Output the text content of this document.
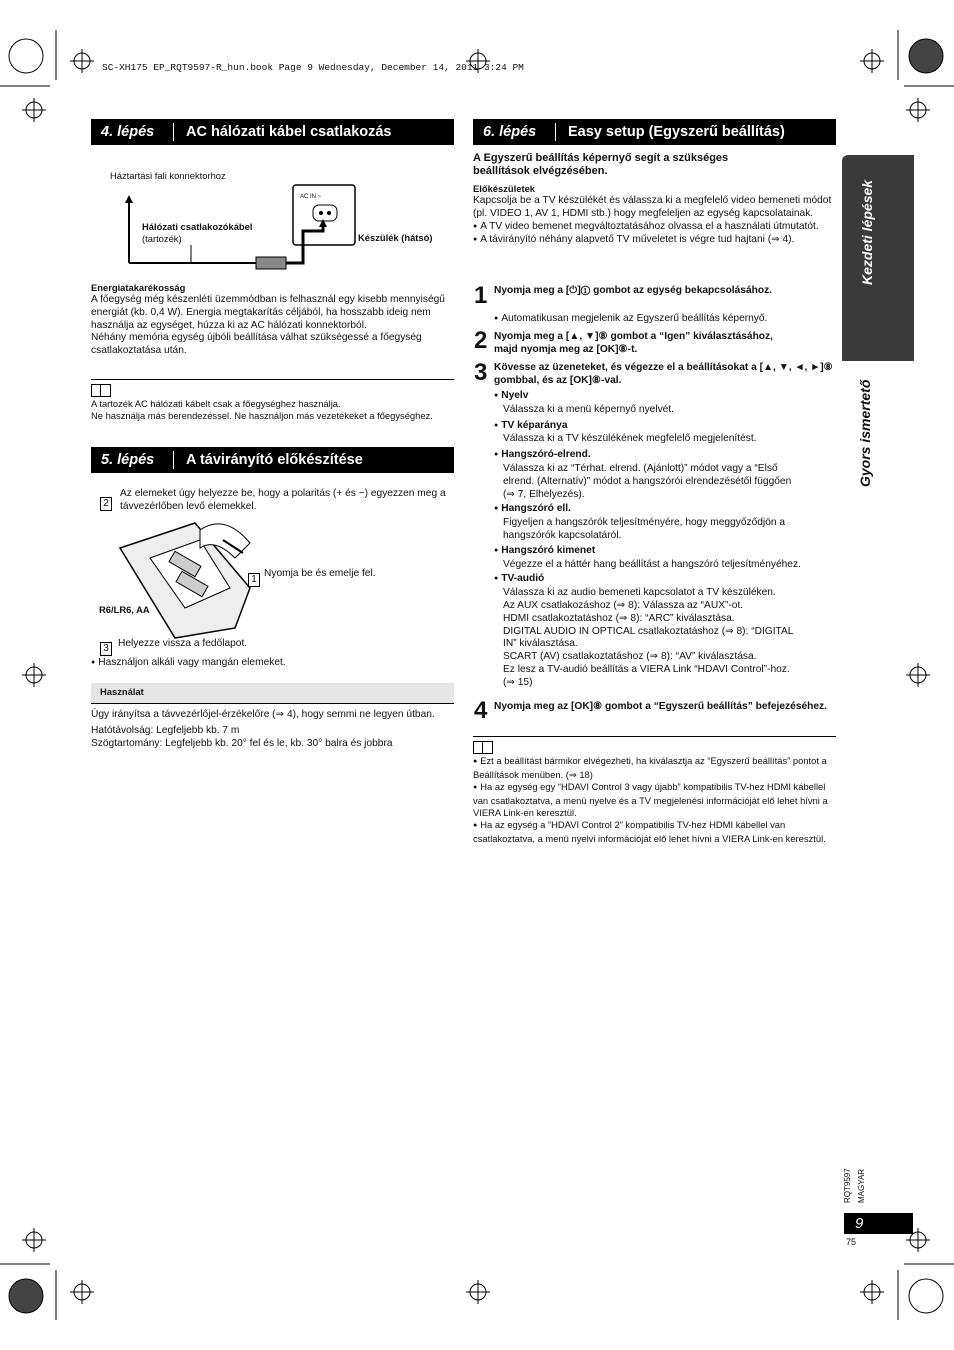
SC-XH175 EP_RQT9597-R_hun.book Page 9 Wednesday, December 14, 2011 3:24 PM
4. lépés	AC hálózati kábel csatlakozás
Háztartási fali konnektorhoz
AC IN ~
Hálózati csatlakozókábel
(tartozék)	Készülék (hátsó)
Energiatakarékosság
A főegység még készenléti üzemmódban is felhasznál egy kisebb mennyiségű energiát (kb. 0,4 W). Energia megtakarítás céljából, ha hosszabb ideig nem használja az egységet, húzza ki az AC hálózati konnektorból.
Néhány memória egység újbóli beállítása válhat szükségessé a főegység csatlakoztatása után.
A tartozék AC hálózati kábelt csak a főegységhez használja.
Ne használja más berendezéssel. Ne használjon más vezetékeket a főegységhez.
5. lépés	A távirányító előkészítése
2
Az elemeket úgy helyezze be, hogy a polaritás (+ és −) egyezzen meg a távvezérlőben levő elemekkel.
1
Nyomja be és emelje fel.
R6/LR6, AA
3 Helyezze vissza a fedőlapot.
● Használjon alkáli vagy mangán elemeket.
Használat
Úgy irányítsa a távvezérlőjel-érzékelőre (⇒ 4), hogy semmi ne legyen útban.
Hatótávolság: Legfeljebb kb. 7 m
Szögtartomány: Legfeljebb kb. 20° fel és le, kb. 30° balra és jobbra
6. lépés	Easy setup (Egyszerű beállítás)
A Egyszerű beállítás képernyő segít a szükséges beállítások elvégzésében.
Előkészületek
Kapcsolja be a TV készülékét és válassza ki a megfelelő video bemeneti módot (pl. VIDEO 1, AV 1, HDMI stb.) hogy megfeleljen az egység kapcsolatainak.
● A TV video bemenet megváltoztatásához olvassa el a használati útmutatót.
● A távirányító néhány alapvető TV műveletet is végre tud hajtani (⇒ 4).
1 Nyomja meg a [⏻]① gombot az egység bekapcsolásához.
● Automatikusan megjelenik az Egyszerű beállítás képernyő.
2 Nyomja meg a [▲, ▼]⑧ gombot a “Igen” kiválasztásához, majd nyomja meg az [OK]⑧-t.
3 Kövesse az üzeneteket, és végezze el a beállításokat a [▲, ▼, ◄, ►]⑧ gombbal, és az [OK]⑧-val.
● Nyelv
Válassza ki a menü képernyő nyelvét.
● TV képaránya
Válassza ki a TV készülékének megfelelő megjelenítést.
● Hangszóró-elrend.
Válassza ki az “Térhat. elrend. (Ajánlott)” módot vagy a “Első
elrend. (Alternatív)” módot a hangszórói elrendezésétől függően
(⇒ 7, Elhelyezés).
● Hangszóró ell.
Figyeljen a hangszórók teljesítményére, hogy meggyőződjön a
hangszórók kapcsolatáról.
● Hangszóró kimenet
Végezze el a háttér hang beállítást a hangszóró teljesítményéhez.
● TV-audió
Válassza ki az audio bemeneti kapcsolatot a TV készüléken.
Az AUX csatlakozáshoz (⇒ 8): Válassza az “AUX”-ot.
HDMI csatlakoztatáshoz (⇒ 8): “ARC” kiválasztása.
DIGITAL AUDIO IN OPTICAL csatlakoztatáshoz (⇒ 8): “DIGITAL
IN” kiválasztása.
SCART (AV) csatlakoztatáshoz (⇒ 8): “AV” kiválasztása.
Ez lesz a TV-audió beállítás a VIERA Link “HDAVI Control”-hoz.
(⇒ 15)
4 Nyomja meg az [OK]⑧ gombot a “Egyszerű beállítás” befejezéséhez.
● Ezt a beállítást bármikor elvégezheti, ha kiválasztja az “Egyszerű beállítás” pontot a Beállítások menüben. (⇒ 18)
● Ha az egység egy “HDAVI Control 3 vagy újabb” kompatibilis TV-hez HDMI kábellel van csatlakoztatva, a menü nyelve és a TV megjelenési információját elő lehet hívni a VIERA Link-en keresztül.
● Ha az egység a “HDAVI Control 2” kompatibilis TV-hez HDMI kábellel van csatlakoztatva, a menü nyelvi információját elő lehet hívni a VIERA Link-en keresztül.
Kezdeti lépések
Gyors ismertető
RQT9597 MAGYAR
9
75
